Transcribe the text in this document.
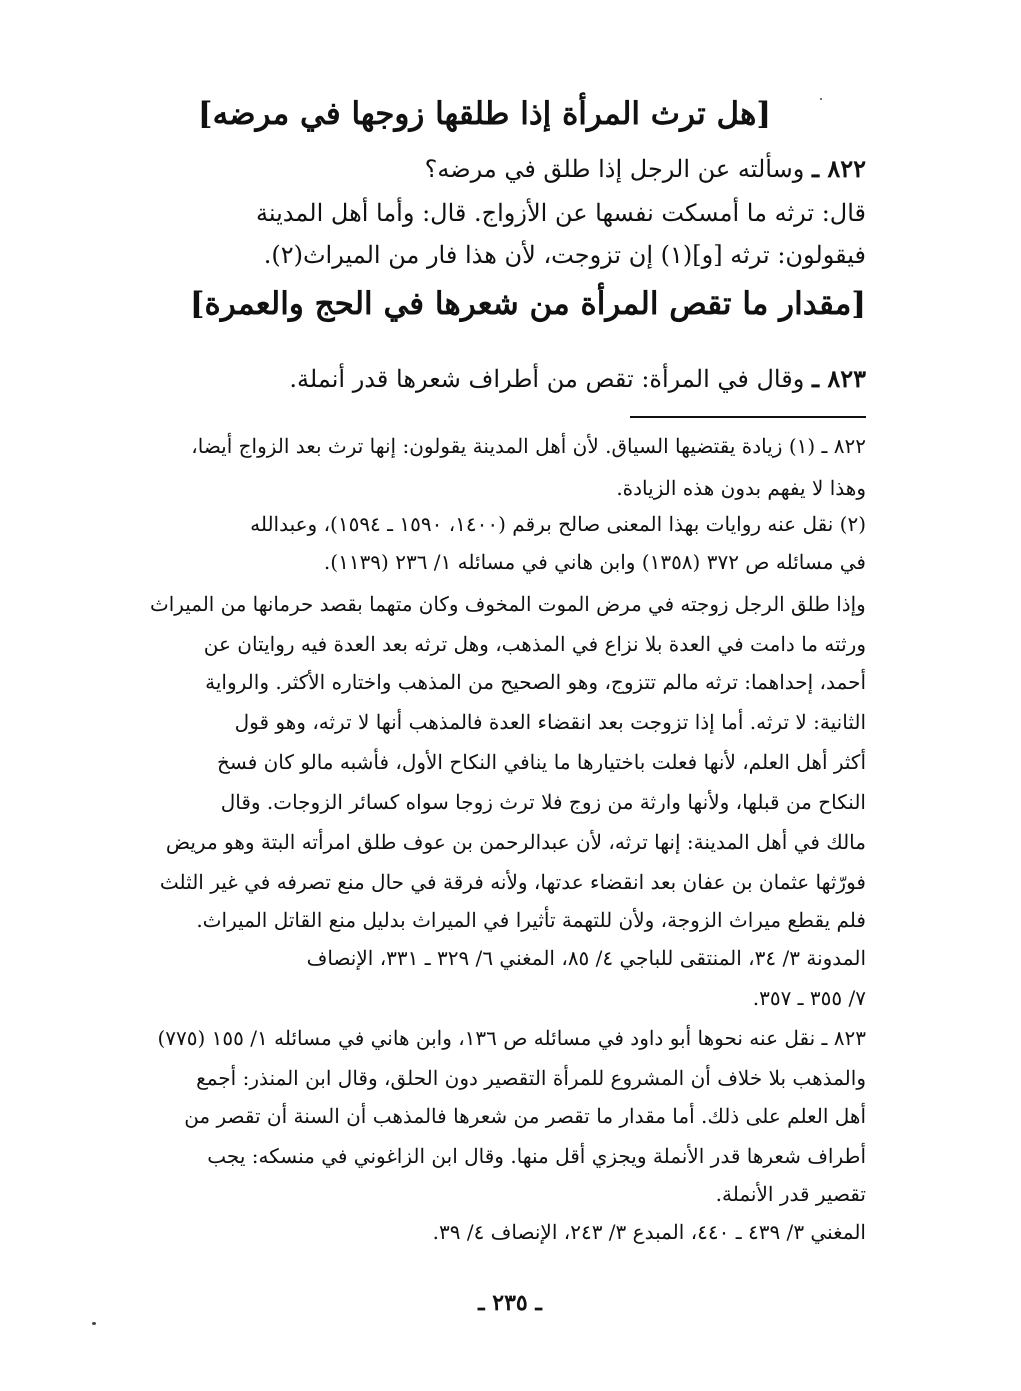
[هل ترث المرأة إذا طلقها زوجها في مرضه]
٨٢٢ ـ وسألته عن الرجل إذا طلق في مرضه؟
قال: ترثه ما أمسكت نفسها عن الأزواج. قال: وأما أهل المدينة
فيقولون: ترثه [و](١) إن تزوجت، لأن هذا فار من الميراث(٢).
[مقدار ما تقص المرأة من شعرها في الحج والعمرة]
٨٢٣ ـ وقال في المرأة: تقص من أطراف شعرها قدر أنملة.
٨٢٢ ـ (١) زيادة يقتضيها السياق. لأن أهل المدينة يقولون: إنها ترث بعد الزواج أيضا،
وهذا لا يفهم بدون هذه الزيادة.
(٢) نقل عنه روايات بهذا المعنى صالح برقم (١٤٠٠، ١٥٩٠ ـ ١٥٩٤)، وعبدالله
في مسائله ص ٣٧٢ (١٣٥٨) وابن هاني في مسائله ١/ ٢٣٦ (١١٣٩).
وإذا طلق الرجل زوجته في مرض الموت المخوف وكان متهما بقصد حرمانها من الميراث
ورثته ما دامت في العدة بلا نزاع في المذهب، وهل ترثه بعد العدة فيه روايتان عن
أحمد، إحداهما: ترثه مالم تتزوج، وهو الصحيح من المذهب واختاره الأكثر. والرواية
الثانية: لا ترثه. أما إذا تزوجت بعد انقضاء العدة فالمذهب أنها لا ترثه، وهو قول
أكثر أهل العلم، لأنها فعلت باختيارها ما ينافي النكاح الأول، فأشبه مالو كان فسخ
النكاح من قبلها، ولأنها وارثة من زوج فلا ترث زوجا سواه كسائر الزوجات. وقال
مالك في أهل المدينة: إنها ترثه، لأن عبدالرحمن بن عوف طلق امرأته البتة وهو مريض
فورّثها عثمان بن عفان بعد انقضاء عدتها، ولأنه فرقة في حال منع تصرفه في غير الثلث
فلم يقطع ميراث الزوجة، ولأن للتهمة تأثيرا في الميراث بدليل منع القاتل الميراث.
المدونة ٣/ ٣٤، المنتقى للباجي ٤/ ٨٥، المغني ٦/ ٣٢٩ ـ ٣٣١، الإنصاف
٧/ ٣٥٥ ـ ٣٥٧.
٨٢٣ ـ نقل عنه نحوها أبو داود في مسائله ص ١٣٦، وابن هاني في مسائله ١/ ١٥٥ (٧٧٥)
والمذهب بلا خلاف أن المشروع للمرأة التقصير دون الحلق، وقال ابن المنذر: أجمع
أهل العلم على ذلك. أما مقدار ما تقصر من شعرها فالمذهب أن السنة أن تقصر من
أطراف شعرها قدر الأنملة ويجزي أقل منها. وقال ابن الزاغوني في منسكه: يجب
تقصير قدر الأنملة.
المغني ٣/ ٤٣٩ ـ ٤٤٠، المبدع ٣/ ٢٤٣، الإنصاف ٤/ ٣٩.
ـ ٢٣٥ ـ
